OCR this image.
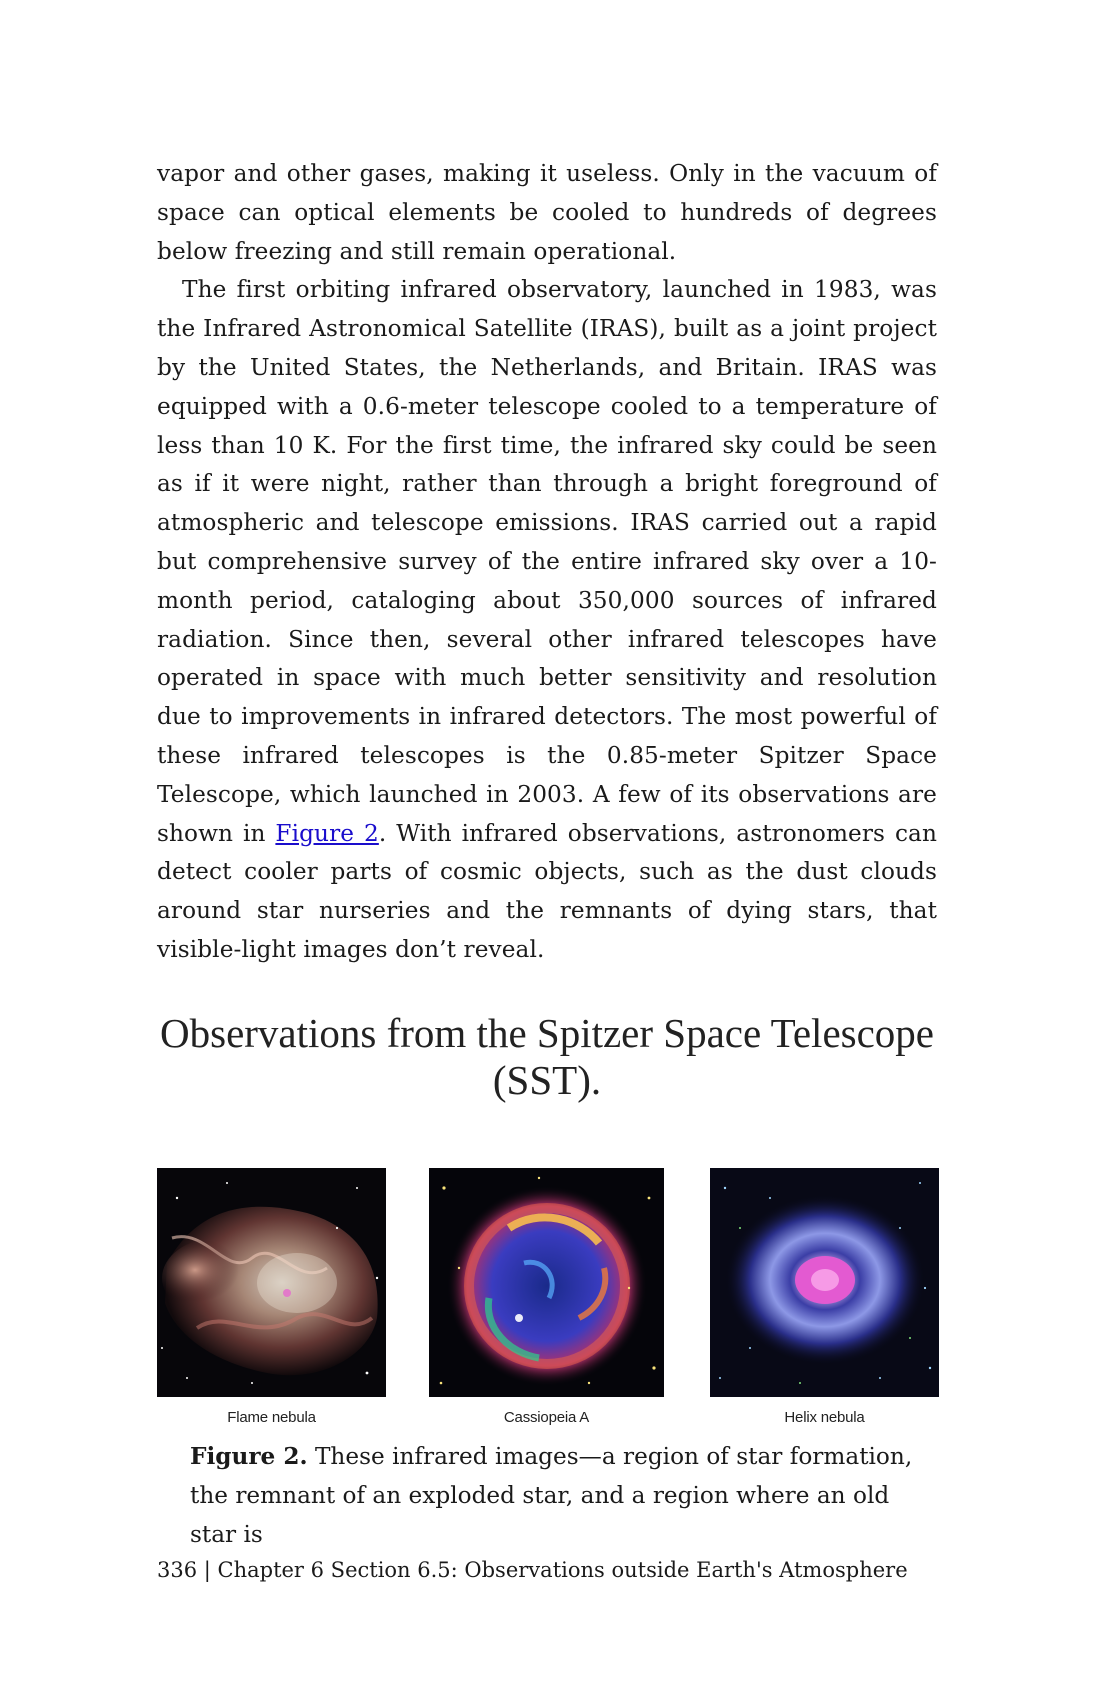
vapor and other gases, making it useless. Only in the vacuum of space can optical elements be cooled to hundreds of degrees below freezing and still remain operational.

The first orbiting infrared observatory, launched in 1983, was the Infrared Astronomical Satellite (IRAS), built as a joint project by the United States, the Netherlands, and Britain. IRAS was equipped with a 0.6-meter telescope cooled to a temperature of less than 10 K. For the first time, the infrared sky could be seen as if it were night, rather than through a bright foreground of atmospheric and telescope emissions. IRAS carried out a rapid but comprehensive survey of the entire infrared sky over a 10-month period, cataloging about 350,000 sources of infrared radiation. Since then, several other infrared telescopes have operated in space with much better sensitivity and resolution due to improvements in infrared detectors. The most powerful of these infrared telescopes is the 0.85-meter Spitzer Space Telescope, which launched in 2003. A few of its observations are shown in Figure 2. With infrared observations, astronomers can detect cooler parts of cosmic objects, such as the dust clouds around star nurseries and the remnants of dying stars, that visible-light images don’t reveal.

Observations from the Spitzer Space Telescope (SST).
Flame nebula	Cassiopeia A	Helix nebula

Figure 2. These infrared images—a region of star formation, the remnant of an exploded star, and a region where an old star is

336 | Chapter 6 Section 6.5: Observations outside Earth's Atmosphere
